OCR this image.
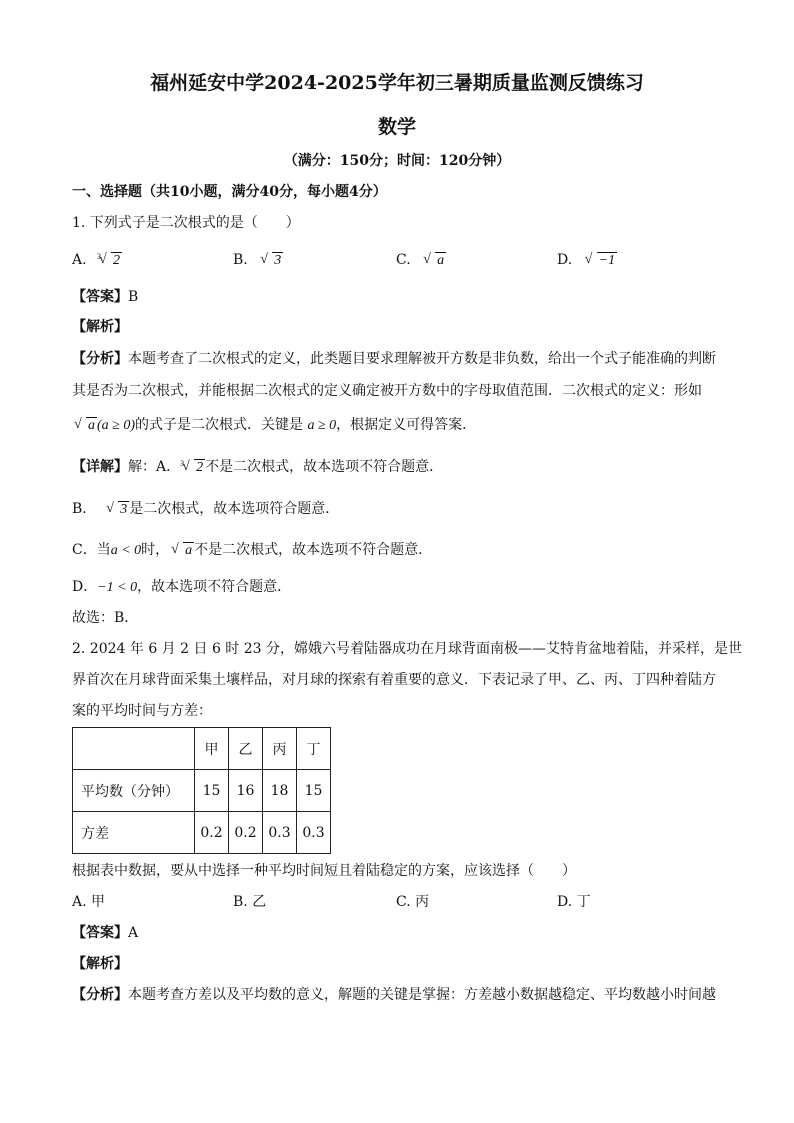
福州延安中学2024-2025学年初三暑期质量监测反馈练习
数学
（满分：150分；时间：120分钟）
一、选择题（共10小题，满分40分，每小题4分）
1. 下列式子是二次根式的是（　　）
A. √ 3 2	B. √ 3	C. √ a	D. √ −1
【答案】B
【解析】
【分析】本题考查了二次根式的定义，此类题目要求理解被开方数是非负数，给出一个式子能准确的判断
其是否为二次根式，并能根据二次根式的定义确定被开方数中的字母取值范围．二次根式的定义：形如
√ a (a ≥ 0)的式子是二次根式．关键是 a ≥ 0，根据定义可得答案．
【详解】解：A． √ 3 2 不是二次根式，故本选项不符合题意．
B． √ 3 是二次根式，故本选项符合题意．
C．当a < 0时， √ a 不是二次根式，故本选项不符合题意．
D．−1 < 0，故本选项不符合题意．
故选：B．
2. 2024 年 6 月 2 日 6 时 23 分，嫦娥六号着陆器成功在月球背面南极——艾特肯盆地着陆，并采样，是世
界首次在月球背面采集土壤样品，对月球的探索有着重要的意义．下表记录了甲、乙、丙、丁四种着陆方
案的平均时间与方差：
	甲	乙	丙	丁
平均数（分钟）	15	16	18	15
方差	0.2	0.2	0.3	0.3
根据表中数据，要从中选择一种平均时间短且着陆稳定的方案，应该选择（　　）
A. 甲	B. 乙	C. 丙	D. 丁
【答案】A
【解析】
【分析】本题考查方差以及平均数的意义，解题的关键是掌握：方差越小数据越稳定、平均数越小时间越
